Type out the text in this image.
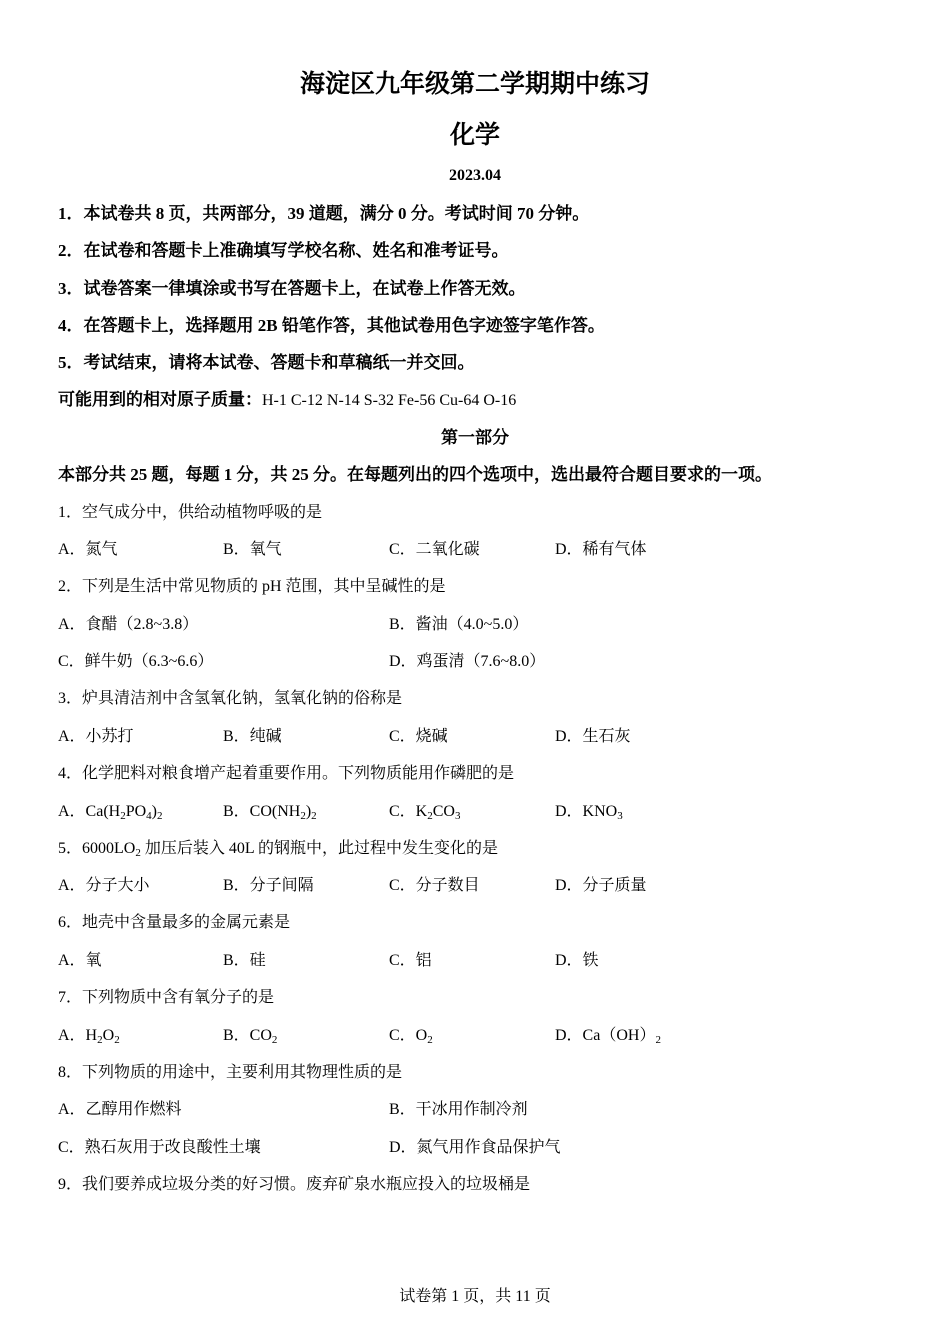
海淀区九年级第二学期期中练习
化学
2023.04
1．本试卷共 8 页，共两部分，39 道题，满分 0 分。考试时间 70 分钟。
2．在试卷和答题卡上准确填写学校名称、姓名和准考证号。
3．试卷答案一律填涂或书写在答题卡上，在试卷上作答无效。
4．在答题卡上，选择题用 2B 铅笔作答，其他试卷用色字迹签字笔作答。
5．考试结束，请将本试卷、答题卡和草稿纸一并交回。
可能用到的相对原子质量：H-1 C-12 N-14 S-32 Fe-56 Cu-64 O-16
第一部分
本部分共 25 题，每题 1 分，共 25 分。在每题列出的四个选项中，选出最符合题目要求的一项。
1．空气成分中，供给动植物呼吸的是
A．氮气	B．氧气	C．二氧化碳	D．稀有气体
2．下列是生活中常见物质的 pH 范围，其中呈碱性的是
A．食醋（2.8~3.8）	B．酱油（4.0~5.0）
C．鲜牛奶（6.3~6.6）	D．鸡蛋清（7.6~8.0）
3．炉具清洁剂中含氢氧化钠，氢氧化钠的俗称是
A．小苏打	B．纯碱	C．烧碱	D．生石灰
4．化学肥料对粮食增产起着重要作用。下列物质能用作磷肥的是
A．$Ca(H_2PO_4)_2$	B．$CO(NH_2)_2$	C．$K_2CO_3$	D．$KNO_3$
5．$6000LO_2$ 加压后装入 40L 的钢瓶中，此过程中发生变化的是
A．分子大小	B．分子间隔	C．分子数目	D．分子质量
6．地壳中含量最多的金属元素是
A．氧	B．硅	C．铝	D．铁
7．下列物质中含有氧分子的是
A．$H_2O_2$	B．$CO_2$	C．$O_2$	D．$Ca(OH)_2$
8．下列物质的用途中，主要利用其物理性质的是
A．乙醇用作燃料	B．干冰用作制冷剂
C．熟石灰用于改良酸性土壤	D．氮气用作食品保护气
9．我们要养成垃圾分类的好习惯。废弃矿泉水瓶应投入的垃圾桶是
试卷第 1 页，共 11 页
